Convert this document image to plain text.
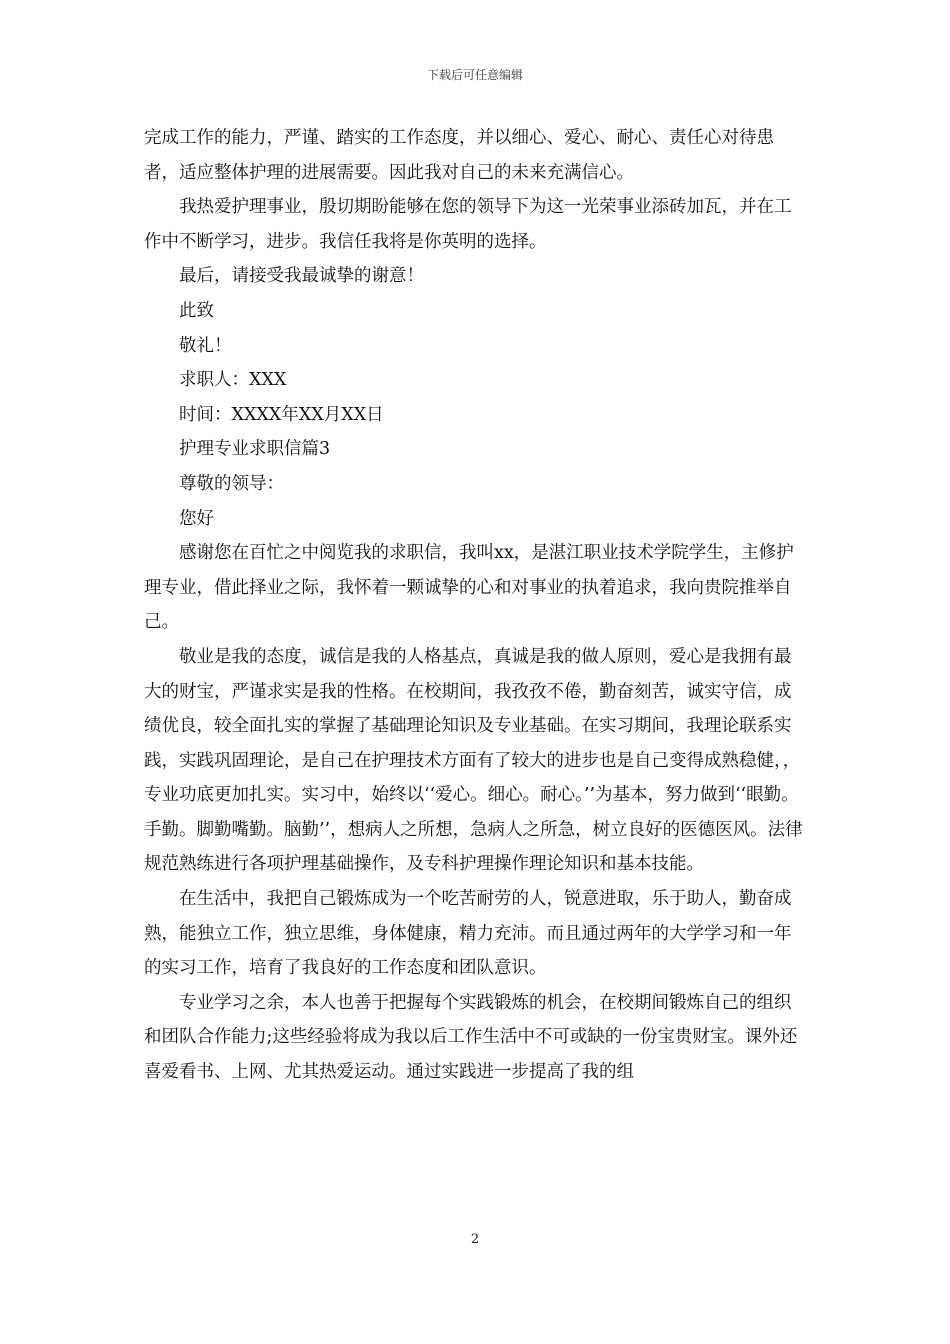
下载后可任意编辑

完成工作的能力，严谨、踏实的工作态度，并以细心、爱心、耐心、责任心对待患者，适应整体护理的进展需要。因此我对自己的未来充满信心。

我热爱护理事业，殷切期盼能够在您的领导下为这一光荣事业添砖加瓦，并在工作中不断学习，进步。我信任我将是你英明的选择。

最后，请接受我最诚挚的谢意！

此致

敬礼！

求职人：XXX

时间：XXXX年XX月XX日

护理专业求职信篇3

尊敬的领导：

您好

感谢您在百忙之中阅览我的求职信，我叫xx，是湛江职业技术学院学生，主修护理专业，借此择业之际，我怀着一颗诚挚的心和对事业的执着追求，我向贵院推举自己。

敬业是我的态度，诚信是我的人格基点，真诚是我的做人原则，爱心是我拥有最大的财宝，严谨求实是我的性格。在校期间，我孜孜不倦，勤奋刻苦，诚实守信，成绩优良，较全面扎实的掌握了基础理论知识及专业基础。在实习期间，我理论联系实践，实践巩固理论，是自己在护理技术方面有了较大的进步也是自己变得成熟稳健，，专业功底更加扎实。实习中，始终以‘‘爱心。细心。耐心。’’为基本，努力做到‘‘眼勤。手勤。脚勤嘴勤。脑勤’’，想病人之所想，急病人之所急，树立良好的医德医风。法律规范熟练进行各项护理基础操作，及专科护理操作理论知识和基本技能。

在生活中，我把自己锻炼成为一个吃苦耐劳的人，锐意进取，乐于助人，勤奋成熟，能独立工作，独立思维，身体健康，精力充沛。而且通过两年的大学学习和一年的实习工作，培育了我良好的工作态度和团队意识。

专业学习之余，本人也善于把握每个实践锻炼的机会，在校期间锻炼自己的组织和团队合作能力;这些经验将成为我以后工作生活中不可或缺的一份宝贵财宝。课外还喜爱看书、上网、尤其热爱运动。通过实践进一步提高了我的组

2
